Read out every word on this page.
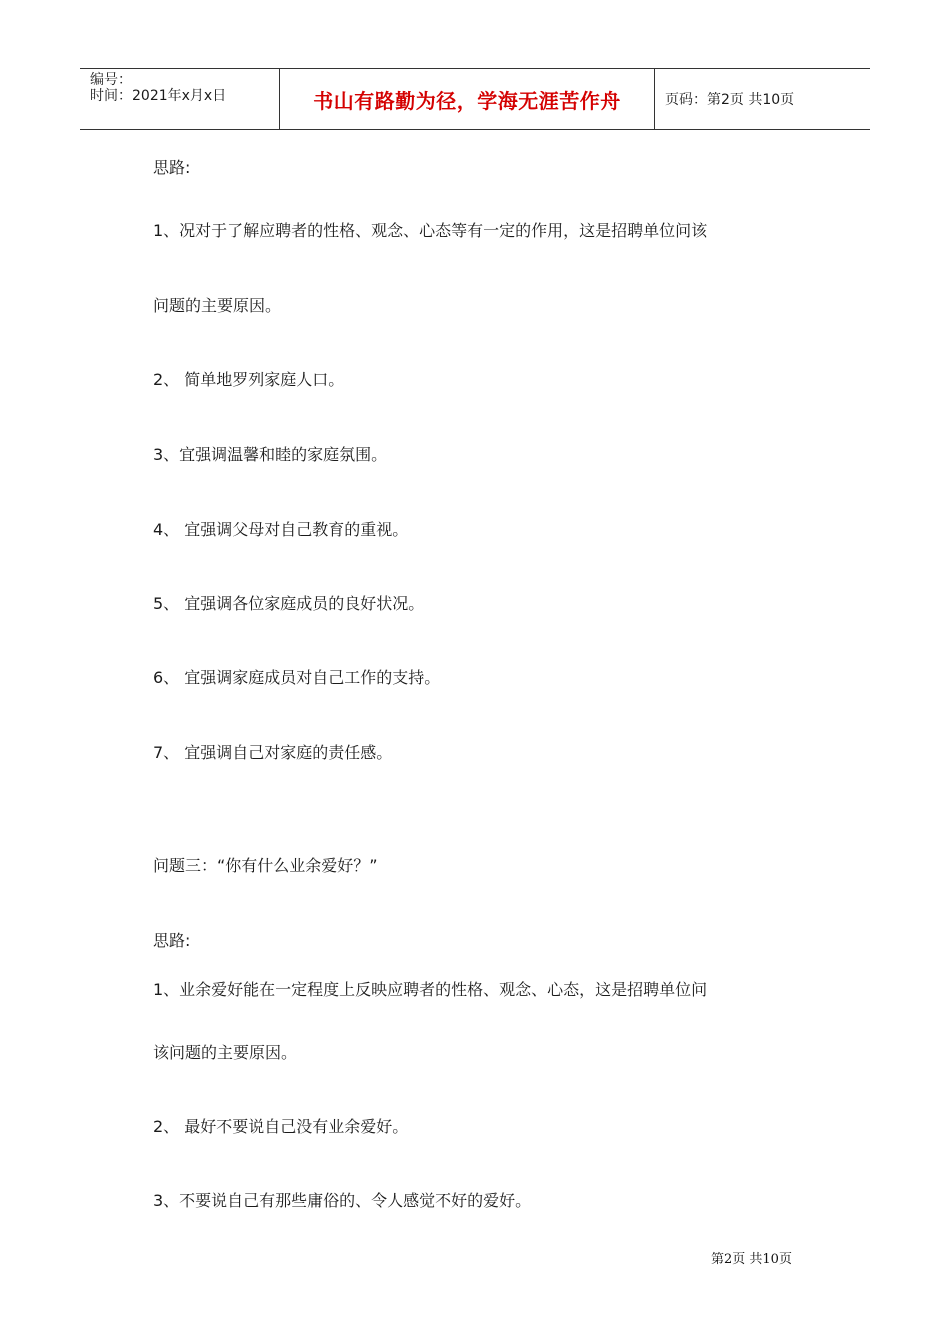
编号：
时间：2021年x月x日	书山有路勤为径，学海无涯苦作舟	页码：第2页 共10页
思路:
1、况对于了解应聘者的性格、观念、心态等有一定的作用，这是招聘单位问该
问题的主要原因。
2、 简单地罗列家庭人口。
3、宜强调温馨和睦的家庭氛围。
4、 宜强调父母对自己教育的重视。
5、 宜强调各位家庭成员的良好状况。
6、 宜强调家庭成员对自己工作的支持。
7、 宜强调自己对家庭的责任感。
问题三：“你有什么业余爱好？”
思路:
1、业余爱好能在一定程度上反映应聘者的性格、观念、心态，这是招聘单位问
该问题的主要原因。
2、 最好不要说自己没有业余爱好。
3、不要说自己有那些庸俗的、令人感觉不好的爱好。
第2页 共10页
